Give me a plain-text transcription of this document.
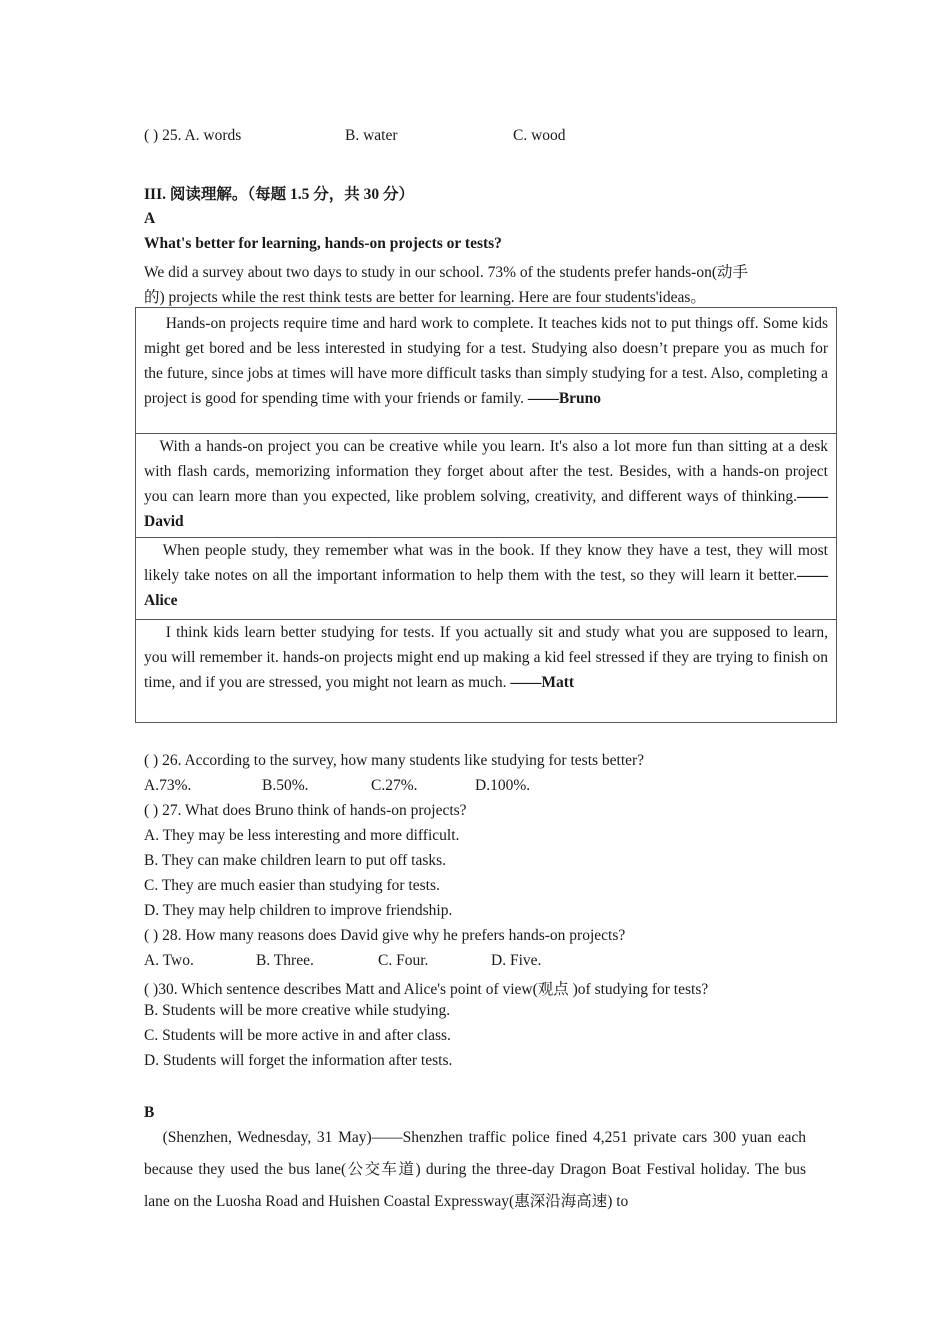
( ) 25. A. words	B. water	C. wood
III. 阅读理解。（每题 1.5 分，共 30 分）
A
What's better for learning, hands-on projects or tests?
We did a survey about two days to study in our school. 73% of the students prefer hands-on(动手
的) projects while the rest think tests are better for learning. Here are four students'ideas。

Hands-on projects require time and hard work to complete. It teaches kids not to put things off. Some kids might get bored and be less interested in studying for a test. Studying also doesn’t prepare you as much for the future, since jobs at times will have more difficult tasks than simply studying for a test. Also, completing a project is good for spending time with your friends or family. ——Bruno

With a hands-on project you can be creative while you learn. It's also a lot more fun than sitting at a desk with flash cards, memorizing information they forget about after the test. Besides, with a hands-on project you can learn more than you expected, like problem solving, creativity, and different ways of thinking.——David

When people study, they remember what was in the book. If they know they have a test, they will most likely take notes on all the important information to help them with the test, so they will learn it better.——Alice

I think kids learn better studying for tests. If you actually sit and study what you are supposed to learn, you will remember it. hands-on projects might end up making a kid feel stressed if they are trying to finish on time, and if you are stressed, you might not learn as much. ——Matt

( ) 26. According to the survey, how many students like studying for tests better?
A.73%.	B.50%.	C.27%.	D.100%.
( ) 27. What does Bruno think of hands-on projects?
A. They may be less interesting and more difficult.
B. They can make children learn to put off tasks.
C. They are much easier than studying for tests.
D. They may help children to improve friendship.
( ) 28. How many reasons does David give why he prefers hands-on projects?
A. Two.	B. Three.	C. Four.	D. Five.
( )30. Which sentence describes Matt and Alice's point of view(观点 )of studying for tests?
B. Students will be more creative while studying.
C. Students will be more active in and after class.
D. Students will forget the information after tests.
B

(Shenzhen, Wednesday, 31 May)——Shenzhen traffic police fined 4,251 private cars 300 yuan each because they used the bus lane(公交车道) during the three-day Dragon Boat Festival holiday. The bus lane on the Luosha Road and Huishen Coastal Expressway(惠深沿海高速) to
